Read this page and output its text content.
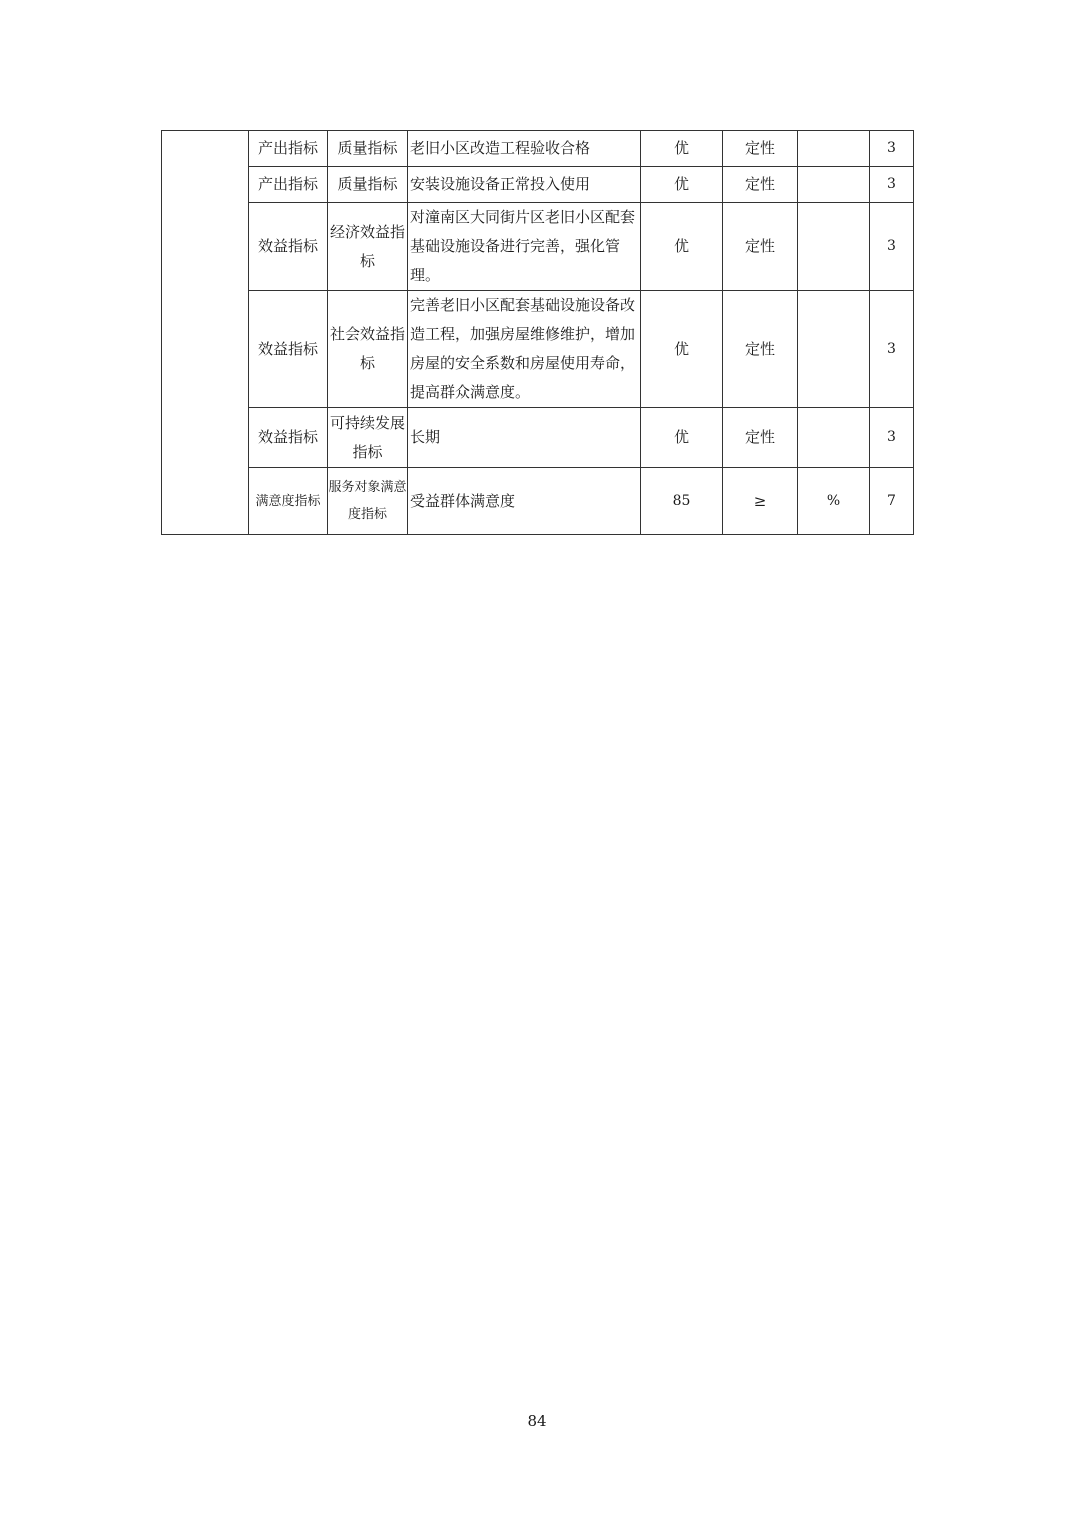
	产出指标	质量指标	老旧小区改造工程验收合格	优	定性		3
	产出指标	质量指标	安装设施设备正常投入使用	优	定性		3
	效益指标	经济效益指标	对潼南区大同街片区老旧小区配套基础设施设备进行完善，强化管理。	优	定性		3
	效益指标	社会效益指标	完善老旧小区配套基础设施设备改造工程，加强房屋维修维护，增加房屋的安全系数和房屋使用寿命，提高群众满意度。	优	定性		3
	效益指标	可持续发展指标	长期	优	定性		3
	满意度指标	服务对象满意度指标	受益群体满意度	85	≥	%	7
84
